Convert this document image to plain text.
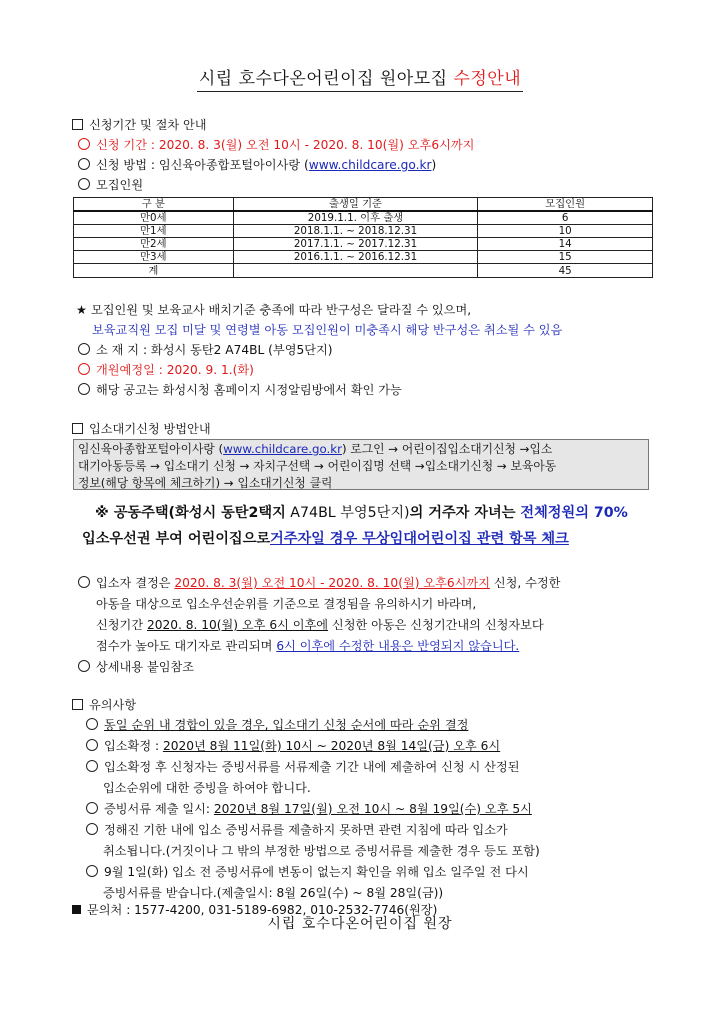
시립 호수다온어린이집 원아모집 수정안내
신청기간 및 절차 안내
신청 기간 : 2020. 8. 3(월) 오전 10시 - 2020. 8. 10(월) 오후6시까지
신청 방법 : 임신육아종합포털아이사랑 (www.childcare.go.kr)
모집인원
구 분	출생일 기준	모집인원
만0세	2019.1.1. 이후 출생	6
만1세	2018.1.1. ~ 2018.12.31	10
만2세	2017.1.1. ~ 2017.12.31	14
만3세	2016.1.1. ~ 2016.12.31	15
계		45
★ 모집인원 및 보육교사 배치기준 충족에 따라 반구성은 달라질 수 있으며,
보육교직원 모집 미달 및 연령별 아동 모집인원이 미충족시 해당 반구성은 취소될 수 있음
소 재 지 : 화성시 동탄2 A74BL (부영5단지)
개원예정일 : 2020. 9. 1.(화)
해당 공고는 화성시청 홈페이지 시정알림방에서 확인 가능
입소대기신청 방법안내
임신육아종합포털아이사랑 (www.childcare.go.kr) 로그인 → 어린이집입소대기신청 →입소
대기아동등록 → 입소대기 신청 → 자치구선택 → 어린이집명 선택 →입소대기신청 → 보육아동
정보(해당 항목에 체크하기) → 입소대기신청 클릭
※ 공동주택(화성시 동탄2택지 A74BL 부영5단지)의 거주자 자녀는 전체정원의 70%
입소우선권 부여 어린이집으로거주자일 경우 무상임대어린이집 관련 항목 체크
입소자 결정은 2020. 8. 3(월) 오전 10시 - 2020. 8. 10(월) 오후6시까지 신청, 수정한
아동을 대상으로 입소우선순위를 기준으로 결정됨을 유의하시기 바라며,
신청기간 2020. 8. 10(월) 오후 6시 이후에 신청한 아동은 신청기간내의 신청자보다
점수가 높아도 대기자로 관리되며 6시 이후에 수정한 내용은 반영되지 않습니다.
상세내용 붙임참조
유의사항
동일 순위 내 경합이 있을 경우, 입소대기 신청 순서에 따라 순위 결정
입소확정 : 2020년 8월 11일(화) 10시 ~ 2020년 8월 14일(금) 오후 6시
입소확정 후 신청자는 증빙서류를 서류제출 기간 내에 제출하여 신청 시 산정된
입소순위에 대한 증빙을 하여야 합니다.
증빙서류 제출 일시: 2020년 8월 17일(월) 오전 10시 ~ 8월 19일(수) 오후 5시
정해진 기한 내에 입소 증빙서류를 제출하지 못하면 관련 지침에 따라 입소가
취소됩니다.(거짓이나 그 밖의 부정한 방법으로 증빙서류를 제출한 경우 등도 포함)
9월 1일(화) 입소 전 증빙서류에 변동이 없는지 확인을 위해 입소 일주일 전 다시
증빙서류를 받습니다.(제출일시: 8월 26일(수) ~ 8월 28일(금))
문의처 : 1577-4200, 031-5189-6982, 010-2532-7746(원장)
시립 호수다온어린이집 원장
